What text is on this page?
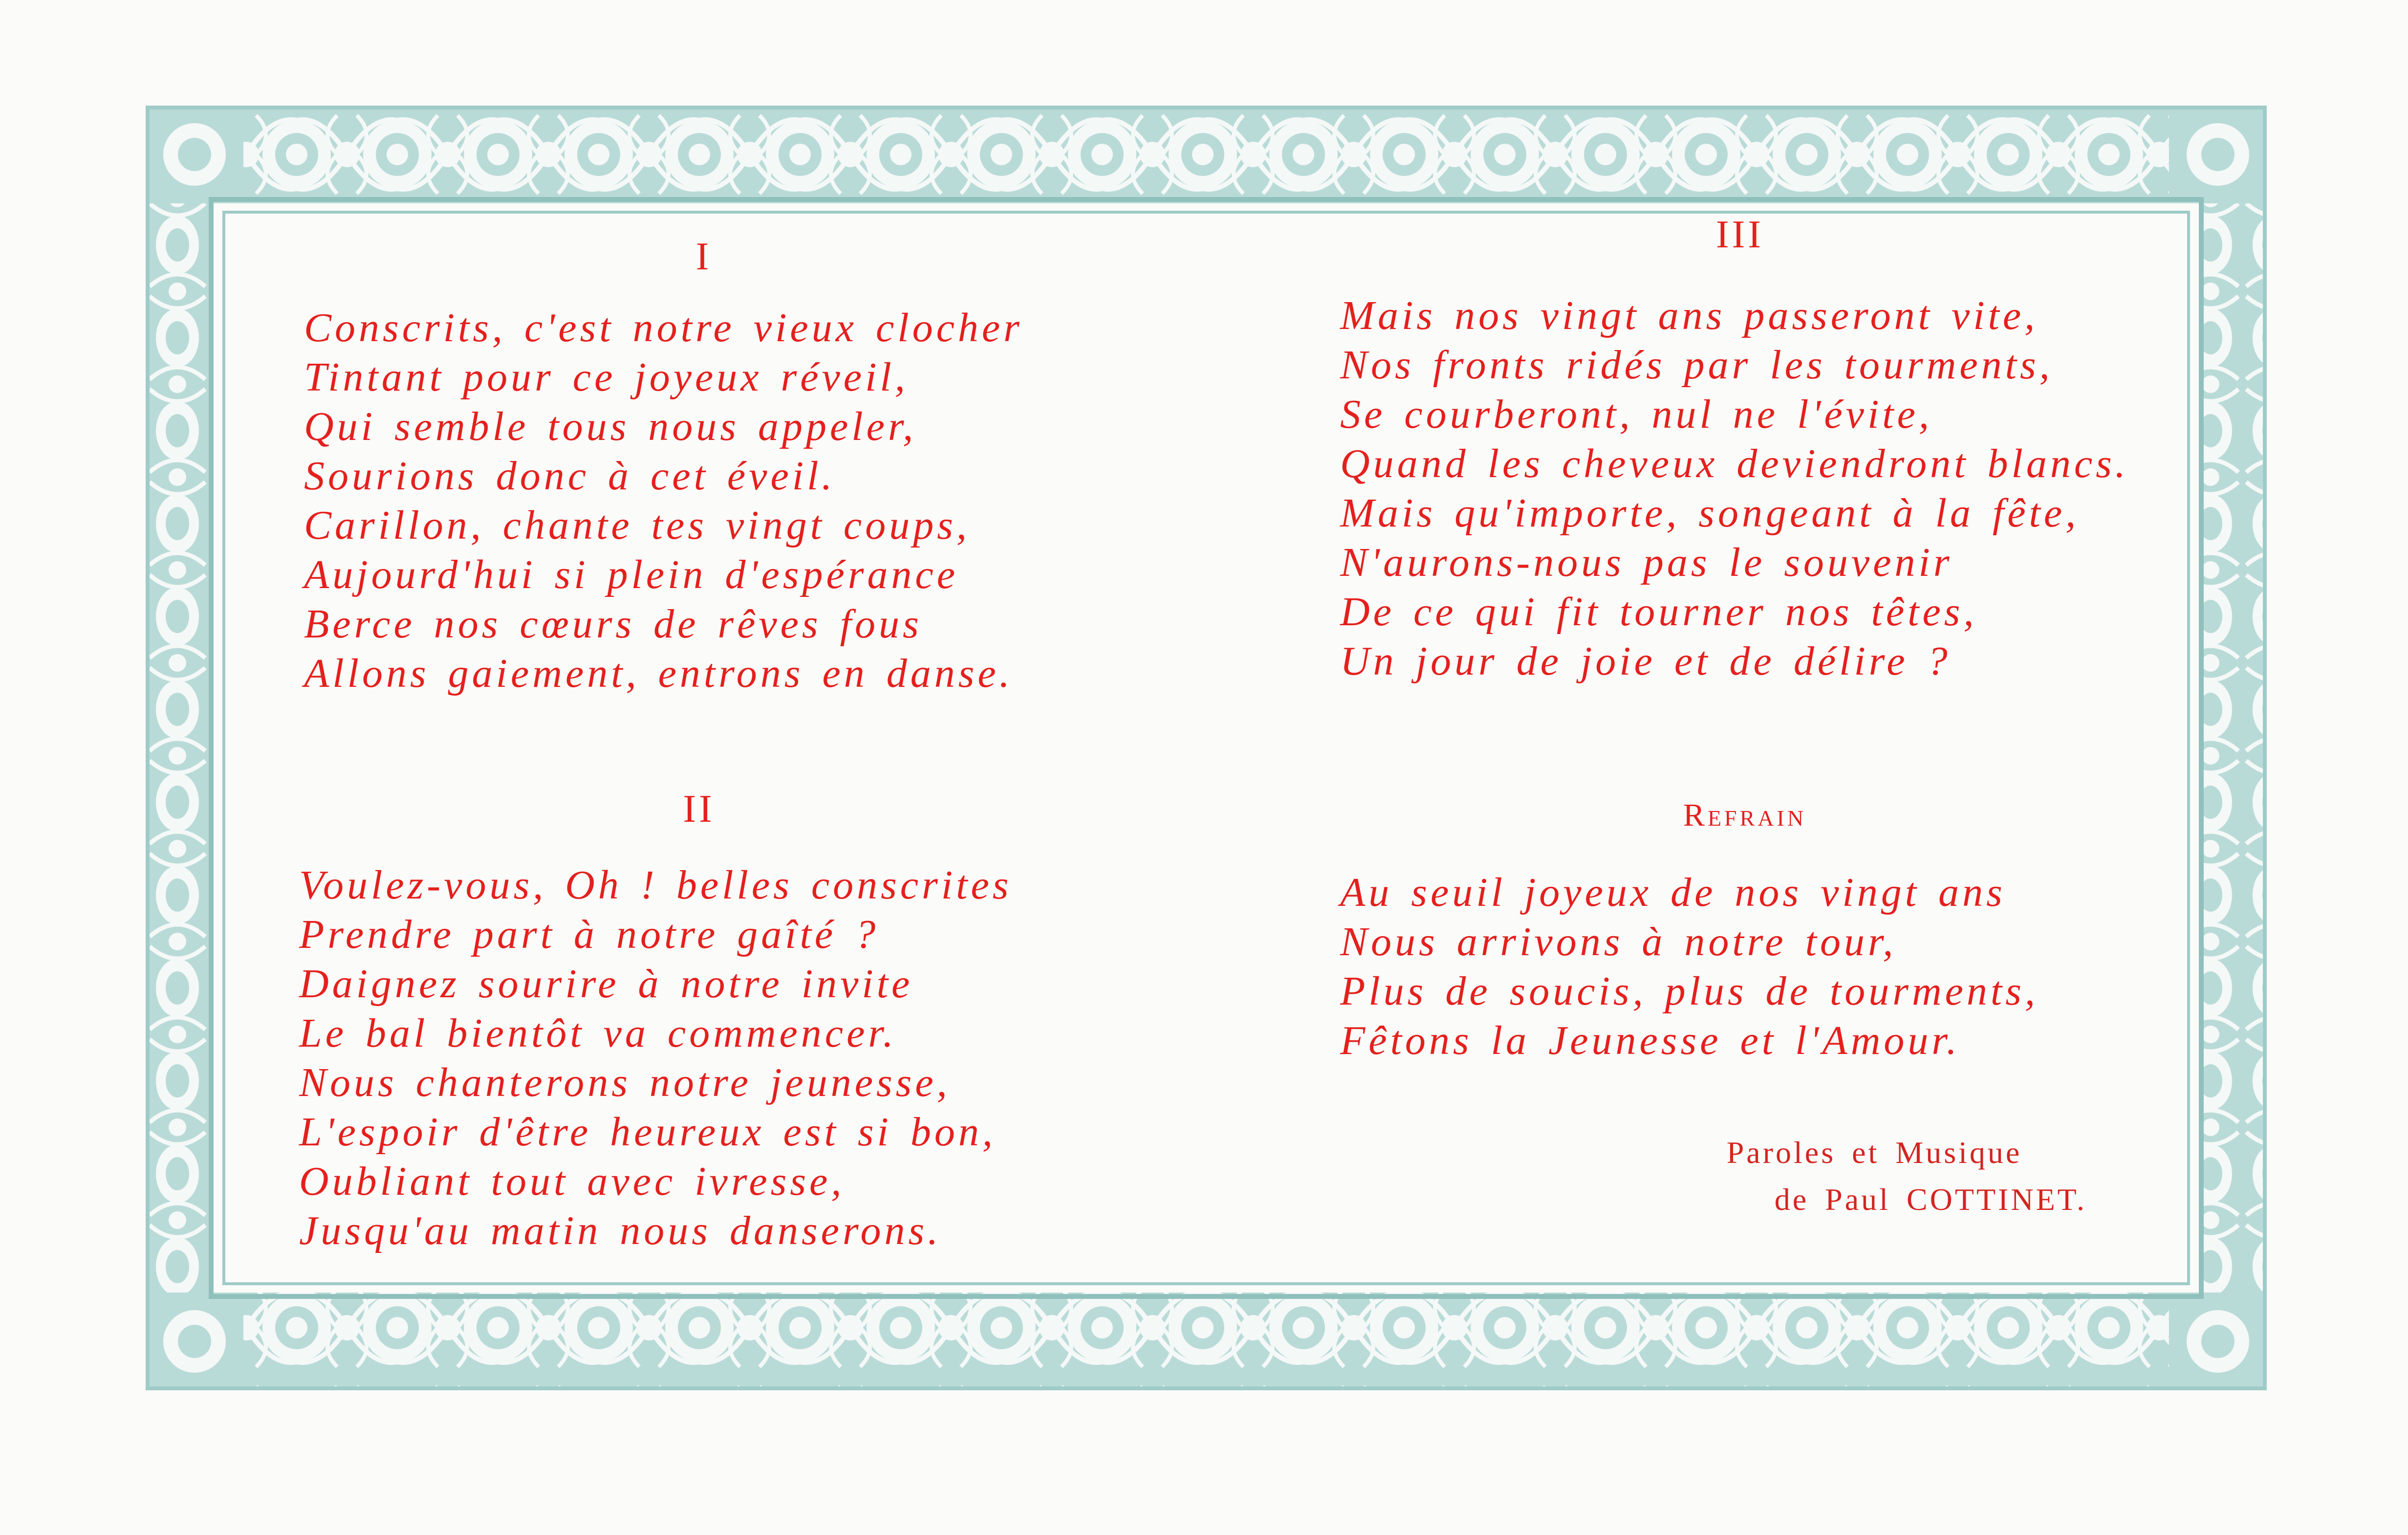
I
Conscrits, c'est notre vieux clocher
Tintant pour ce joyeux réveil,
Qui semble tous nous appeler,
Sourions donc à cet éveil.
Carillon, chante tes vingt coups,
Aujourd'hui si plein d'espérance
Berce nos cœurs de rêves fous
Allons gaiement, entrons en danse.
II
Voulez-vous, Oh ! belles conscrites
Prendre part à notre gaîté ?
Daignez sourire à notre invite
Le bal bientôt va commencer.
Nous chanterons notre jeunesse,
L'espoir d'être heureux est si bon,
Oubliant tout avec ivresse,
Jusqu'au matin nous danserons.
III
Mais nos vingt ans passeront vite,
Nos fronts ridés par les tourments,
Se courberont, nul ne l'évite,
Quand les cheveux deviendront blancs.
Mais qu'importe, songeant à la fête,
N'aurons-nous pas le souvenir
De ce qui fit tourner nos têtes,
Un jour de joie et de délire ?
Refrain
Au seuil joyeux de nos vingt ans
Nous arrivons à notre tour,
Plus de soucis, plus de tourments,
Fêtons la Jeunesse et l'Amour.
Paroles et Musique
de Paul COTTINET.
